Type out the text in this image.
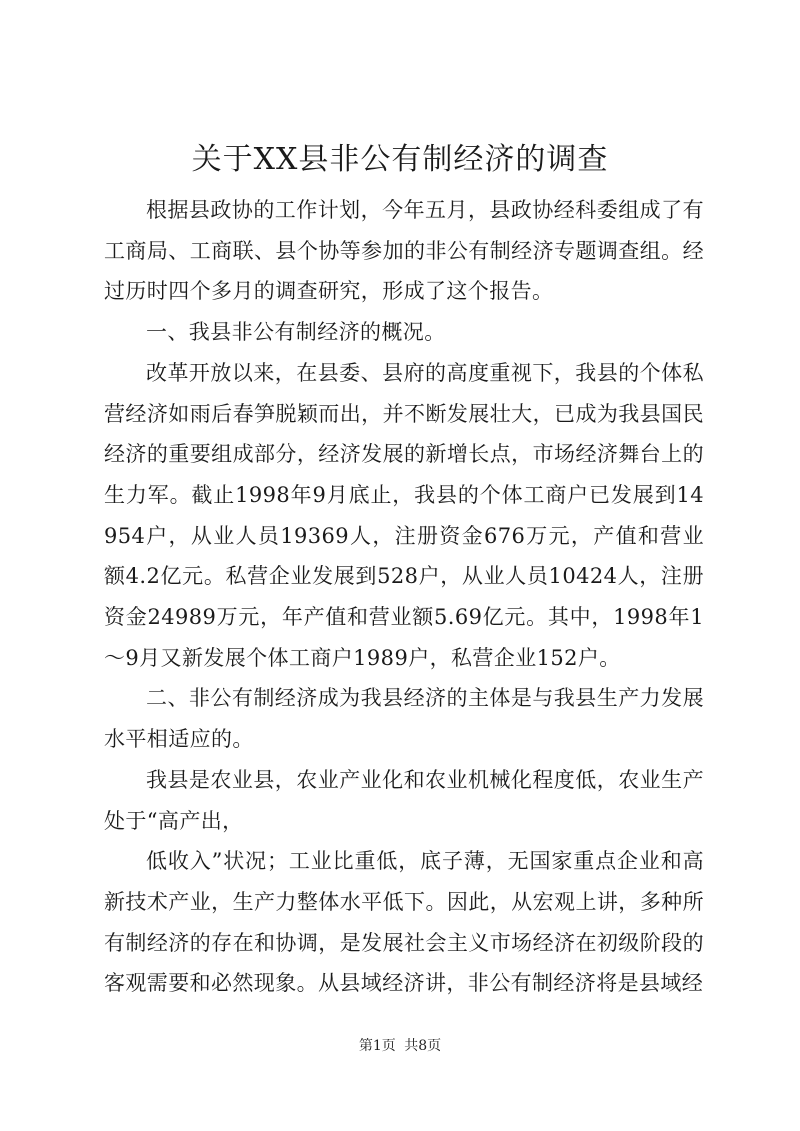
关于XX县非公有制经济的调查

根据县政协的工作计划，今年五月，县政协经科委组成了有工商局、工商联、县个协等参加的非公有制经济专题调查组。经过历时四个多月的调查研究，形成了这个报告。

一、我县非公有制经济的概况。

改革开放以来，在县委、县府的高度重视下，我县的个体私营经济如雨后春笋脱颖而出，并不断发展壮大，已成为我县国民经济的重要组成部分，经济发展的新增长点，市场经济舞台上的生力军。截止1998年9月底止，我县的个体工商户已发展到14954户，从业人员19369人，注册资金676万元，产值和营业额4.2亿元。私营企业发展到528户，从业人员10424人，注册资金24989万元，年产值和营业额5.69亿元。其中，1998年1～9月又新发展个体工商户1989户，私营企业152户。

二、非公有制经济成为我县经济的主体是与我县生产力发展水平相适应的。

我县是农业县，农业产业化和农业机械化程度低，农业生产处于“高产出，

低收入”状况；工业比重低，底子薄，无国家重点企业和高新技术产业，生产力整体水平低下。因此，从宏观上讲，多种所有制经济的存在和协调，是发展社会主义市场经济在初级阶段的客观需要和必然现象。从县域经济讲，非公有制经济将是县域经

第1页 共8页
